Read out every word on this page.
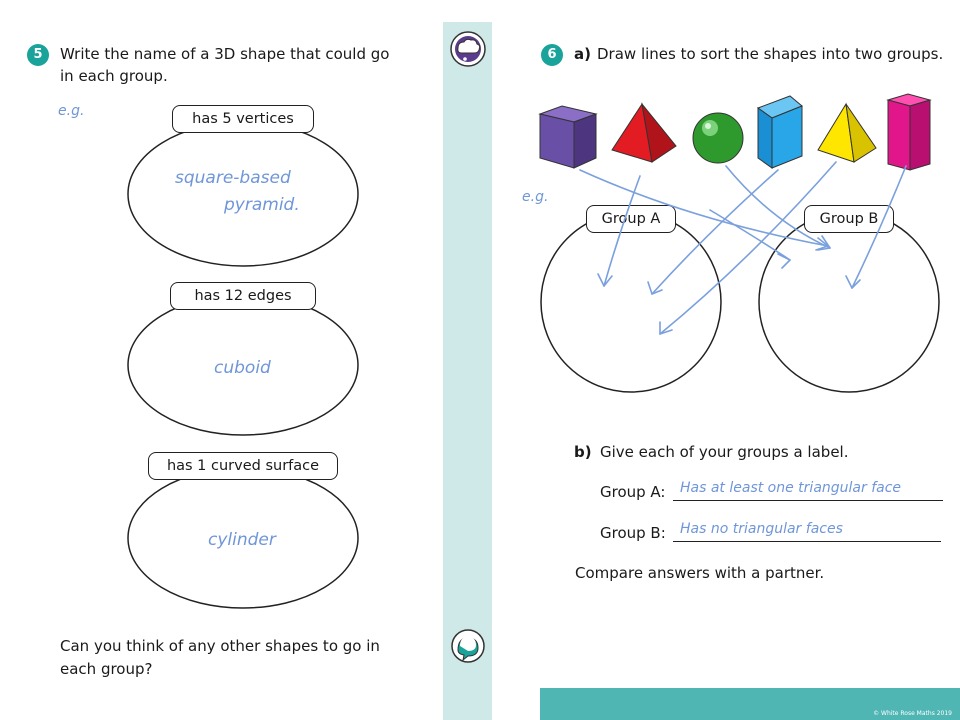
5	Write the name of a 3D shape that could go
in each group.
e.g.	has 5 vertices
square-based
pyramid.
has 12 edges
cuboid
has 1 curved surface
cylinder
Can you think of any other shapes to go in
each group?
6	a) Draw lines to sort the shapes into two groups.
e.g.
Group A	Group B
b) Give each of your groups a label.
Group A: Has at least one triangular face
Group B: Has no triangular faces
Compare answers with a partner.
© White Rose Maths 2019
